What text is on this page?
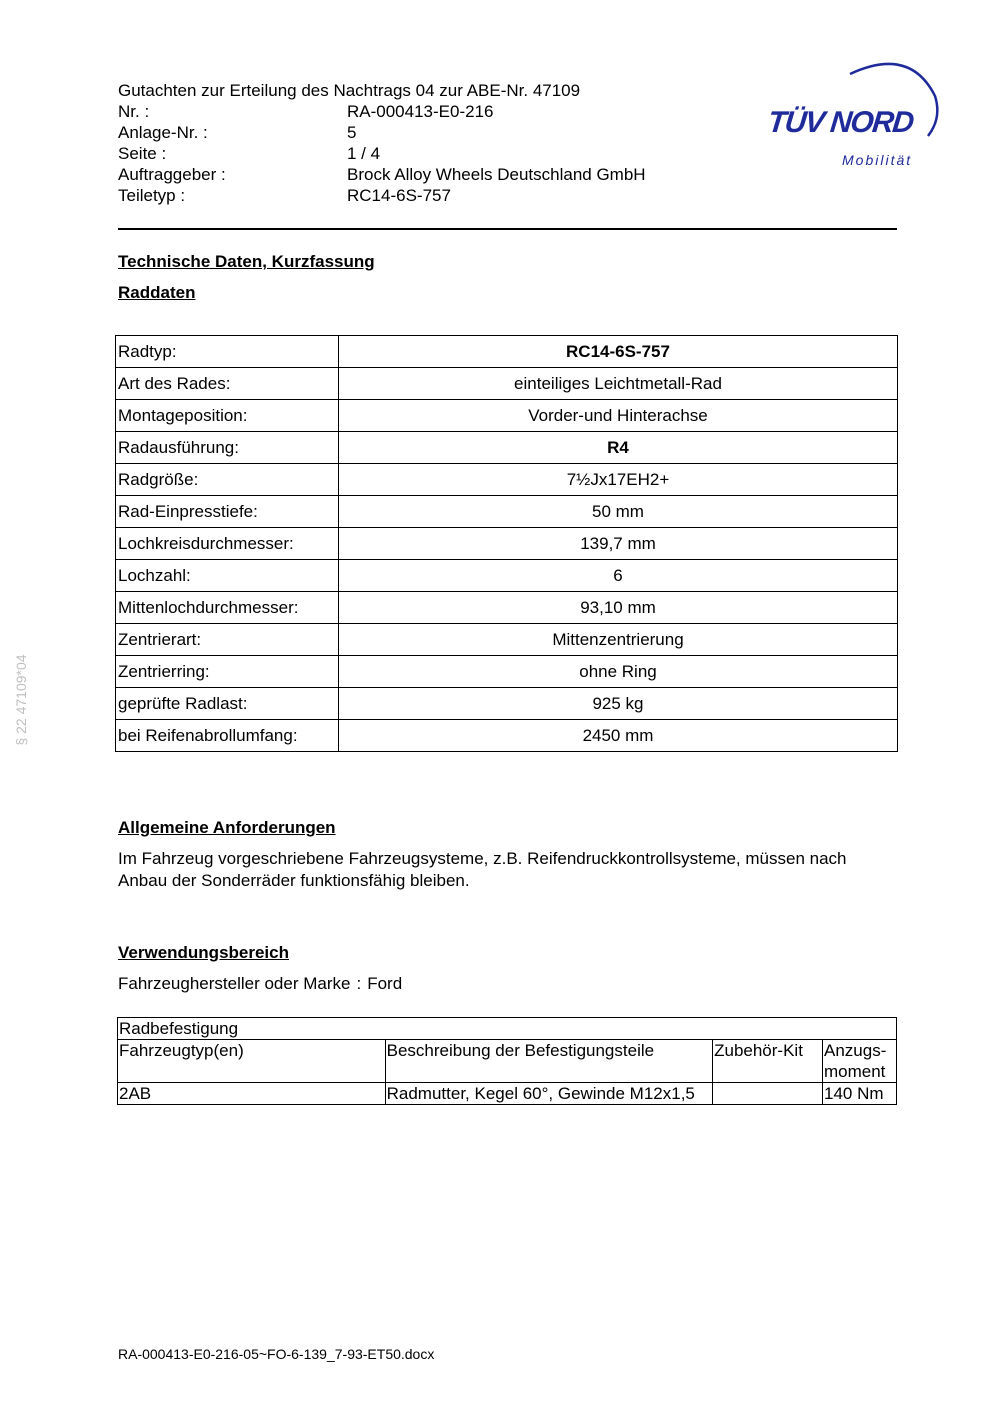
Gutachten zur Erteilung des Nachtrags 04 zur ABE-Nr. 47109
Nr. :	RA-000413-E0-216
Anlage-Nr. :	5
Seite :	1 / 4
Auftraggeber :	Brock Alloy Wheels Deutschland GmbH
Teiletyp :	RC14-6S-757
TÜV NORD
Mobilität
Technische Daten, Kurzfassung
Raddaten
Radtyp:	RC14-6S-757
Art des Rades:	einteiliges Leichtmetall-Rad
Montageposition:	Vorder-und Hinterachse
Radausführung:	R4
Radgröße:	7½Jx17EH2+
Rad-Einpresstiefe:	50 mm
Lochkreisdurchmesser:	139,7 mm
Lochzahl:	6
Mittenlochdurchmesser:	93,10 mm
Zentrierart:	Mittenzentrierung
Zentrierring:	ohne Ring
geprüfte Radlast:	925 kg
bei Reifenabrollumfang:	2450 mm
§ 22 47109*04
Allgemeine Anforderungen
Im Fahrzeug vorgeschriebene Fahrzeugsysteme, z.B. Reifendruckkontrollsysteme, müssen nach Anbau der Sonderräder funktionsfähig bleiben.
Verwendungsbereich
Fahrzeughersteller oder Marke : Ford
Radbefestigung			
Fahrzeugtyp(en)	Beschreibung der Befestigungsteile	Zubehör-Kit	Anzugs-moment
2AB	Radmutter, Kegel 60°, Gewinde M12x1,5		140 Nm
RA-000413-E0-216-05~FO-6-139_7-93-ET50.docx
